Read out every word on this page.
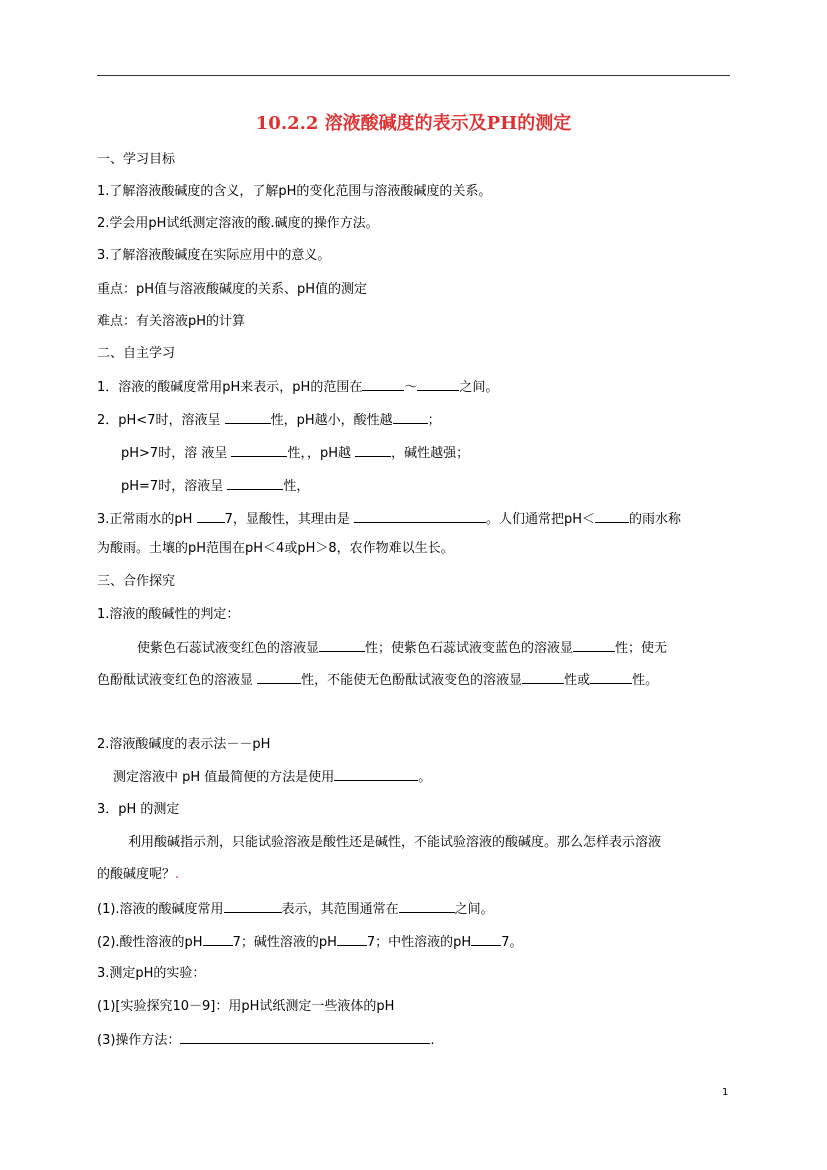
10.2.2 溶液酸碱度的表示及PH的测定
一、学习目标
1.了解溶液酸碱度的含义，了解pH的变化范围与溶液酸碱度的关系。
2.学会用pH试纸测定溶液的酸.碱度的操作方法。
3.了解溶液酸碱度在实际应用中的意义。
重点：pH值与溶液酸碱度的关系、pH值的测定
难点：有关溶液pH的计算
二、自主学习
1．溶液的酸碱度常用pH来表示，pH的范围在	～	之间。
2．pH<7时，溶液呈	性，pH越小，酸性越	；
pH>7时，溶 液呈	性，，pH越	，碱性越强；
pH=7时，溶液呈	性，
3.正常雨水的pH 7，显酸性，其理由是	。人们通常把pH＜	的雨水称
为酸雨。土壤的pH范围在pH＜4或pH＞8，农作物难以生长。
三、合作探究
1.溶液的酸碱性的判定：
使紫色石蕊试液变红色的溶液显	性；使紫色石蕊试液变蓝色的溶液显	性；使无
色酚酞试液变红色的溶液显	性，不能使无色酚酞试液变色的溶液显	性或	性。
2.溶液酸碱度的表示法－－pH
测定溶液中 pH 值最简便的方法是使用	。
3．pH 的测定
利用酸碱指示剂，只能试验溶液是酸性还是碱性，不能试验溶液的酸碱度。那么怎样表示溶液
的酸碱度呢？.
(1).溶液的酸碱度常用	表示，其范围通常在	之间。
(2).酸性溶液的pH 7；碱性溶液的pH 7；中性溶液的pH 7。
3.测定pH的实验：
(1)[实验探究10－9]：用pH试纸测定一些液体的pH
(3)操作方法：	.
1
